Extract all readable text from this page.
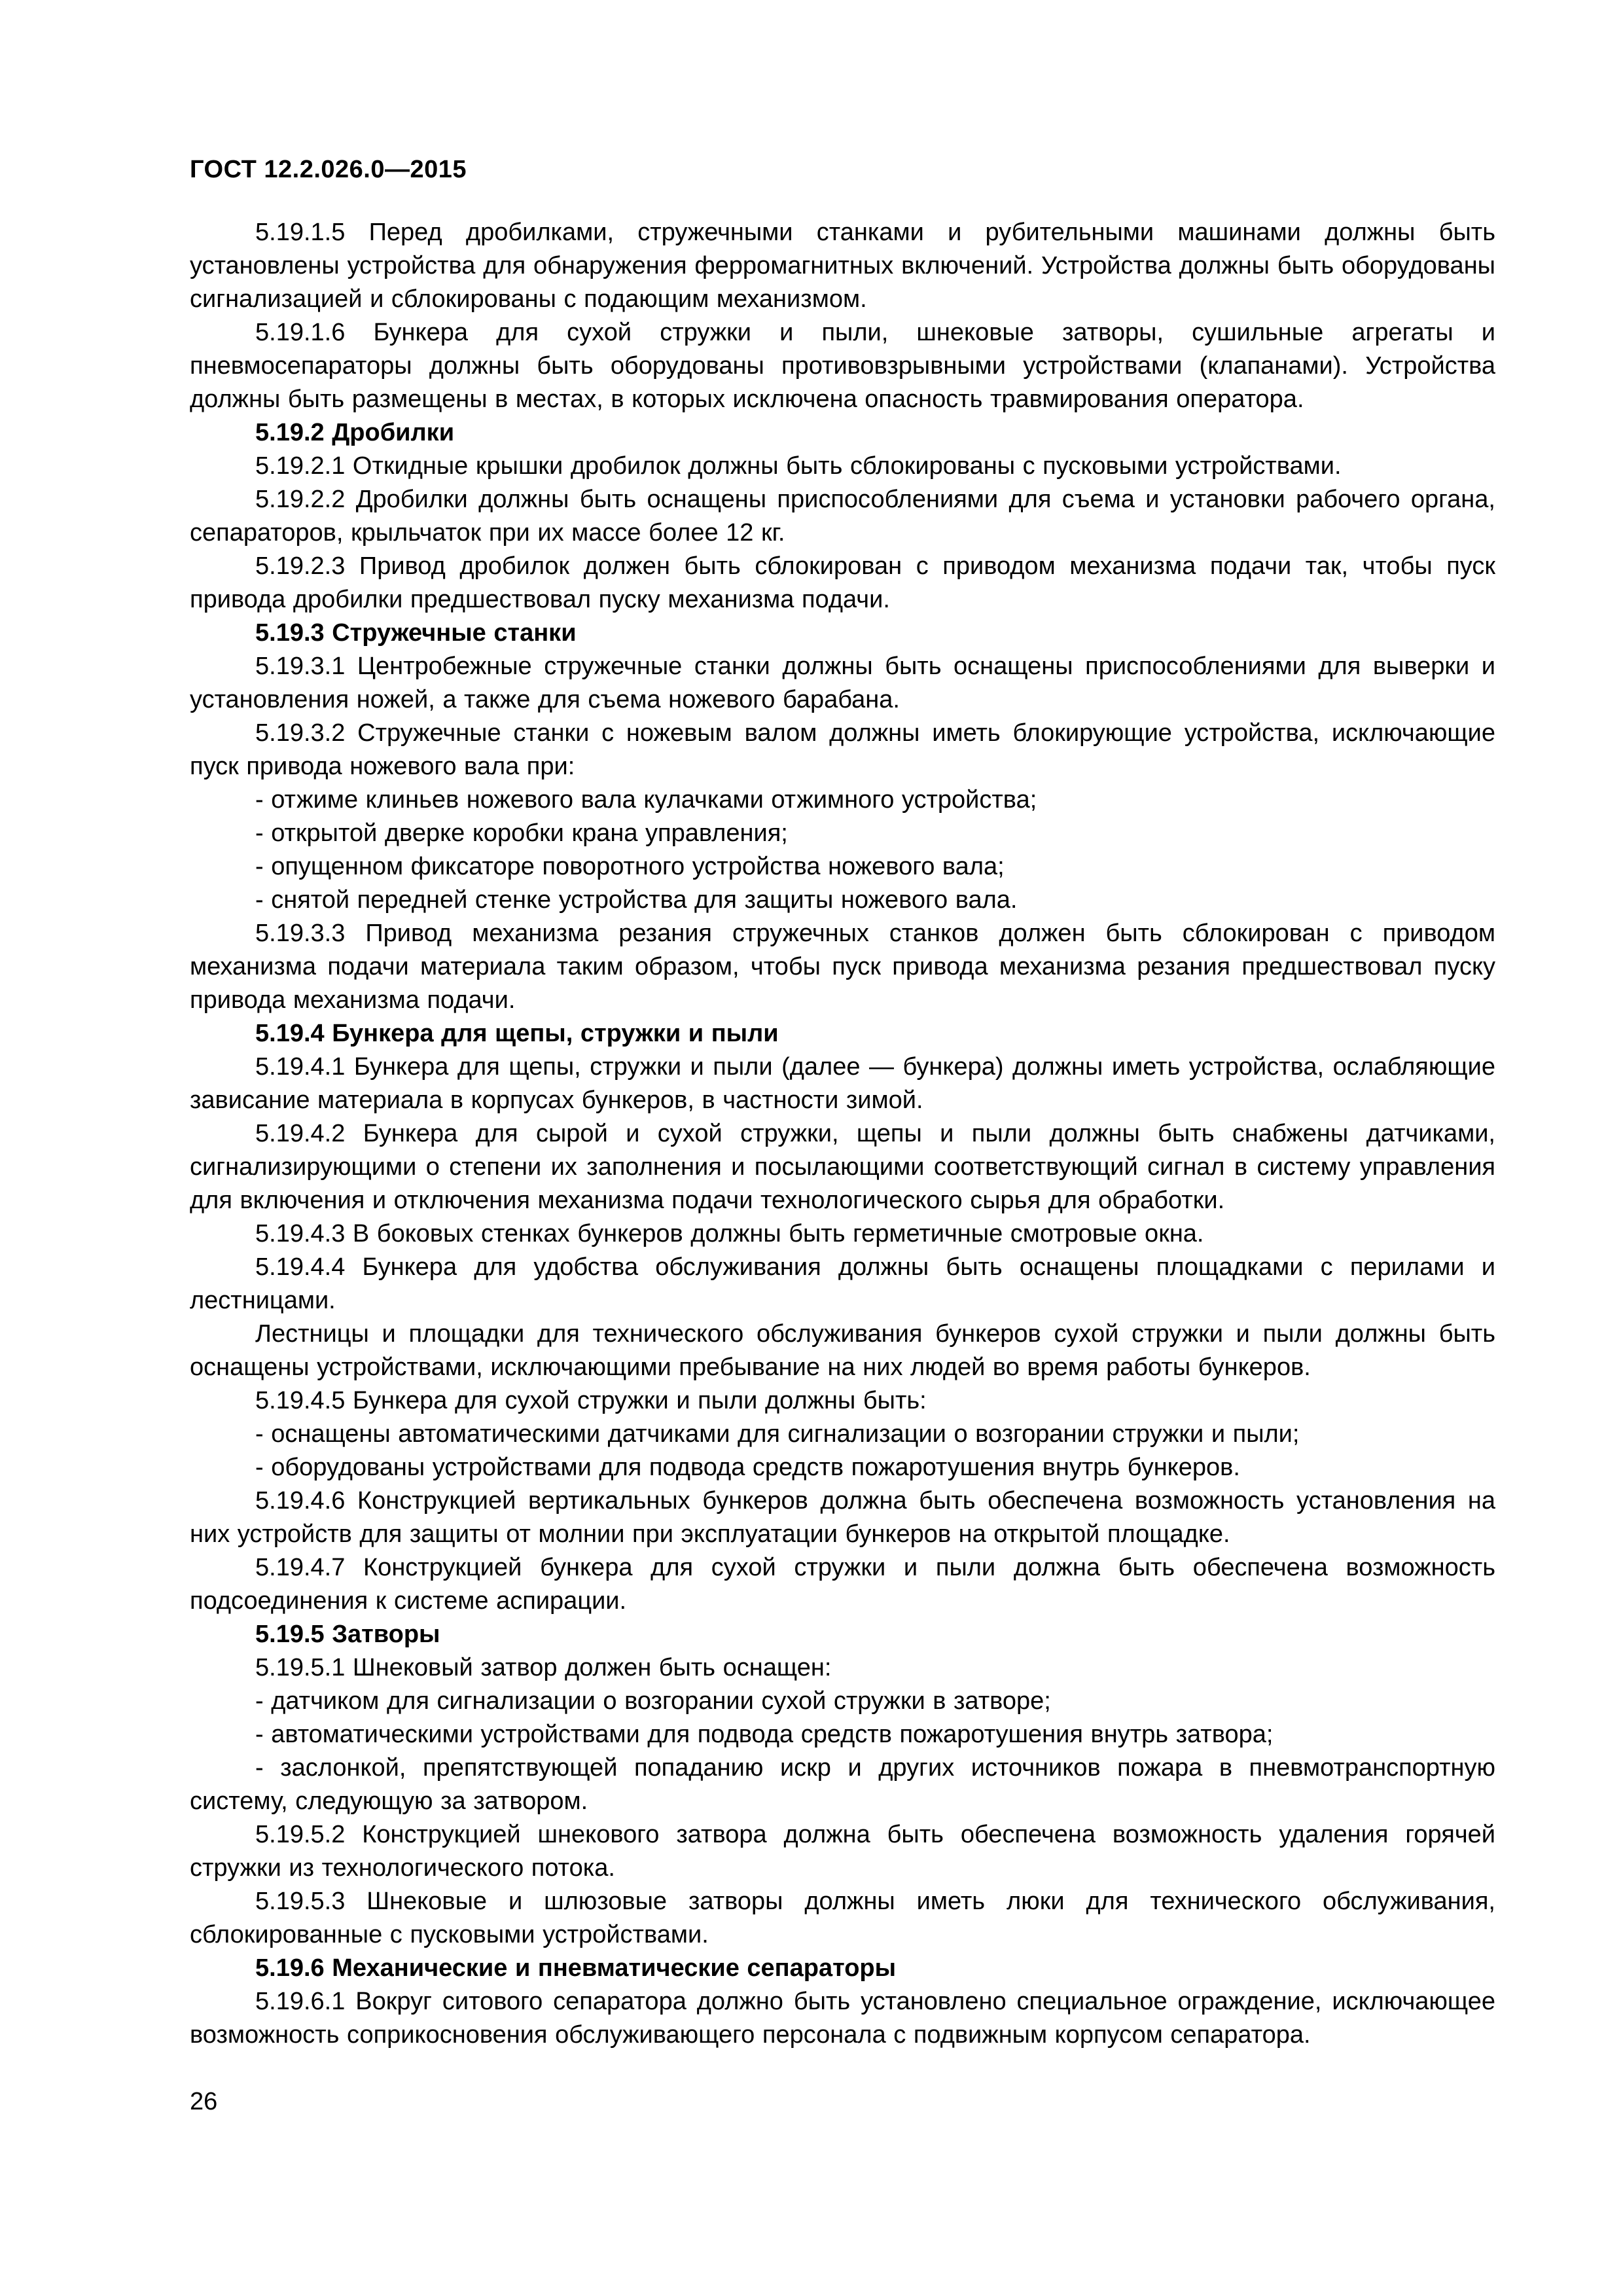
ГОСТ 12.2.026.0—2015

5.19.1.5 Перед дробилками, стружечными станками и рубительными машинами должны быть установлены устройства для обнаружения ферромагнитных включений. Устройства должны быть оборудованы сигнализацией и сблокированы с подающим механизмом.

5.19.1.6 Бункера для сухой стружки и пыли, шнековые затворы, сушильные агрегаты и пневмосепараторы должны быть оборудованы противовзрывными устройствами (клапанами). Устройства должны быть размещены в местах, в которых исключена опасность травмирования оператора.

5.19.2 Дробилки

5.19.2.1 Откидные крышки дробилок должны быть сблокированы с пусковыми устройствами.

5.19.2.2 Дробилки должны быть оснащены приспособлениями для съема и установки рабочего органа, сепараторов, крыльчаток при их массе более 12 кг.

5.19.2.3 Привод дробилок должен быть сблокирован с приводом механизма подачи так, чтобы пуск привода дробилки предшествовал пуску механизма подачи.

5.19.3 Стружечные станки

5.19.3.1 Центробежные стружечные станки должны быть оснащены приспособлениями для выверки и установления ножей, а также для съема ножевого барабана.

5.19.3.2 Стружечные станки с ножевым валом должны иметь блокирующие устройства, исключающие пуск привода ножевого вала при:

- отжиме клиньев ножевого вала кулачками отжимного устройства;

- открытой дверке коробки крана управления;

- опущенном фиксаторе поворотного устройства ножевого вала;

- снятой передней стенке устройства для защиты ножевого вала.

5.19.3.3 Привод механизма резания стружечных станков должен быть сблокирован с приводом механизма подачи материала таким образом, чтобы пуск привода механизма резания предшествовал пуску привода механизма подачи.

5.19.4 Бункера для щепы, стружки и пыли

5.19.4.1 Бункера для щепы, стружки и пыли (далее — бункера) должны иметь устройства, ослабляющие зависание материала в корпусах бункеров, в частности зимой.

5.19.4.2 Бункера для сырой и сухой стружки, щепы и пыли должны быть снабжены датчиками, сигнализирующими о степени их заполнения и посылающими соответствующий сигнал в систему управления для включения и отключения механизма подачи технологического сырья для обработки.

5.19.4.3 В боковых стенках бункеров должны быть герметичные смотровые окна.

5.19.4.4 Бункера для удобства обслуживания должны быть оснащены площадками с перилами и лестницами.

Лестницы и площадки для технического обслуживания бункеров сухой стружки и пыли должны быть оснащены устройствами, исключающими пребывание на них людей во время работы бункеров.

5.19.4.5 Бункера для сухой стружки и пыли должны быть:

- оснащены автоматическими датчиками для сигнализации о возгорании стружки и пыли;

- оборудованы устройствами для подвода средств пожаротушения внутрь бункеров.

5.19.4.6 Конструкцией вертикальных бункеров должна быть обеспечена возможность установления на них устройств для защиты от молнии при эксплуатации бункеров на открытой площадке.

5.19.4.7 Конструкцией бункера для сухой стружки и пыли должна быть обеспечена возможность подсоединения к системе аспирации.

5.19.5 Затворы

5.19.5.1 Шнековый затвор должен быть оснащен:

- датчиком для сигнализации о возгорании сухой стружки в затворе;

- автоматическими устройствами для подвода средств пожаротушения внутрь затвора;

- заслонкой, препятствующей попаданию искр и других источников пожара в пневмотранспортную систему, следующую за затвором.

5.19.5.2 Конструкцией шнекового затвора должна быть обеспечена возможность удаления горячей стружки из технологического потока.

5.19.5.3 Шнековые и шлюзовые затворы должны иметь люки для технического обслуживания, сблокированные с пусковыми устройствами.

5.19.6 Механические и пневматические сепараторы

5.19.6.1 Вокруг ситового сепаратора должно быть установлено специальное ограждение, исключающее возможность соприкосновения обслуживающего персонала с подвижным корпусом сепаратора.

26
